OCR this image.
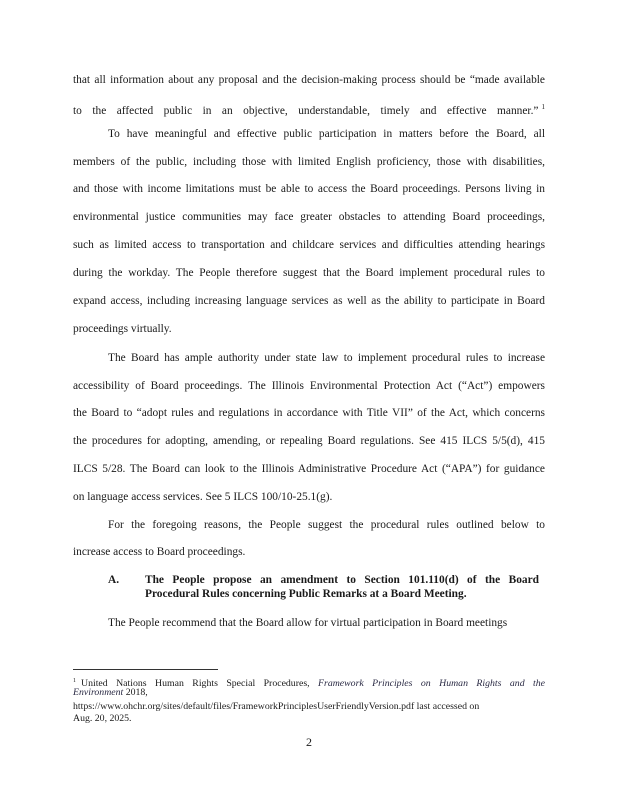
that all information about any proposal and the decision‑making process should be “made available
to the affected public in an objective, understandable, timely and effective manner.” $^1$
To have meaningful and effective public participation in matters before the Board, all
members of the public, including those with limited English proficiency, those with disabilities,
and those with income limitations must be able to access the Board proceedings. Persons living in
environmental justice communities may face greater obstacles to attending Board proceedings,
such as limited access to transportation and childcare services and difficulties attending hearings
during the workday. The People therefore suggest that the Board implement procedural rules to
expand access, including increasing language services as well as the ability to participate in Board
proceedings virtually.
The Board has ample authority under state law to implement procedural rules to increase
accessibility of Board proceedings. The Illinois Environmental Protection Act (“Act”) empowers
the Board to “adopt rules and regulations in accordance with Title VII” of the Act, which concerns
the procedures for adopting, amending, or repealing Board regulations. See 415 ILCS 5/5(d), 415
ILCS 5/28. The Board can look to the Illinois Administrative Procedure Act (“APA”) for guidance
on language access services. See 5 ILCS 100/10-25.1(g).
For the foregoing reasons, the People suggest the procedural rules outlined below to
increase access to Board proceedings.
The People recommend that the Board allow for virtual participation in Board meetings
A. The People propose an amendment to Section 101.110(d) of the Board
Procedural Rules concerning Public Remarks at a Board Meeting.
$^1$ United Nations Human Rights Special Procedures, Framework Principles on Human Rights and the
Environment 2018,
https://www.ohchr.org/sites/default/files/FrameworkPrinciplesUserFriendlyVersion.pdf last accessed on
Aug. 20, 2025.
2
